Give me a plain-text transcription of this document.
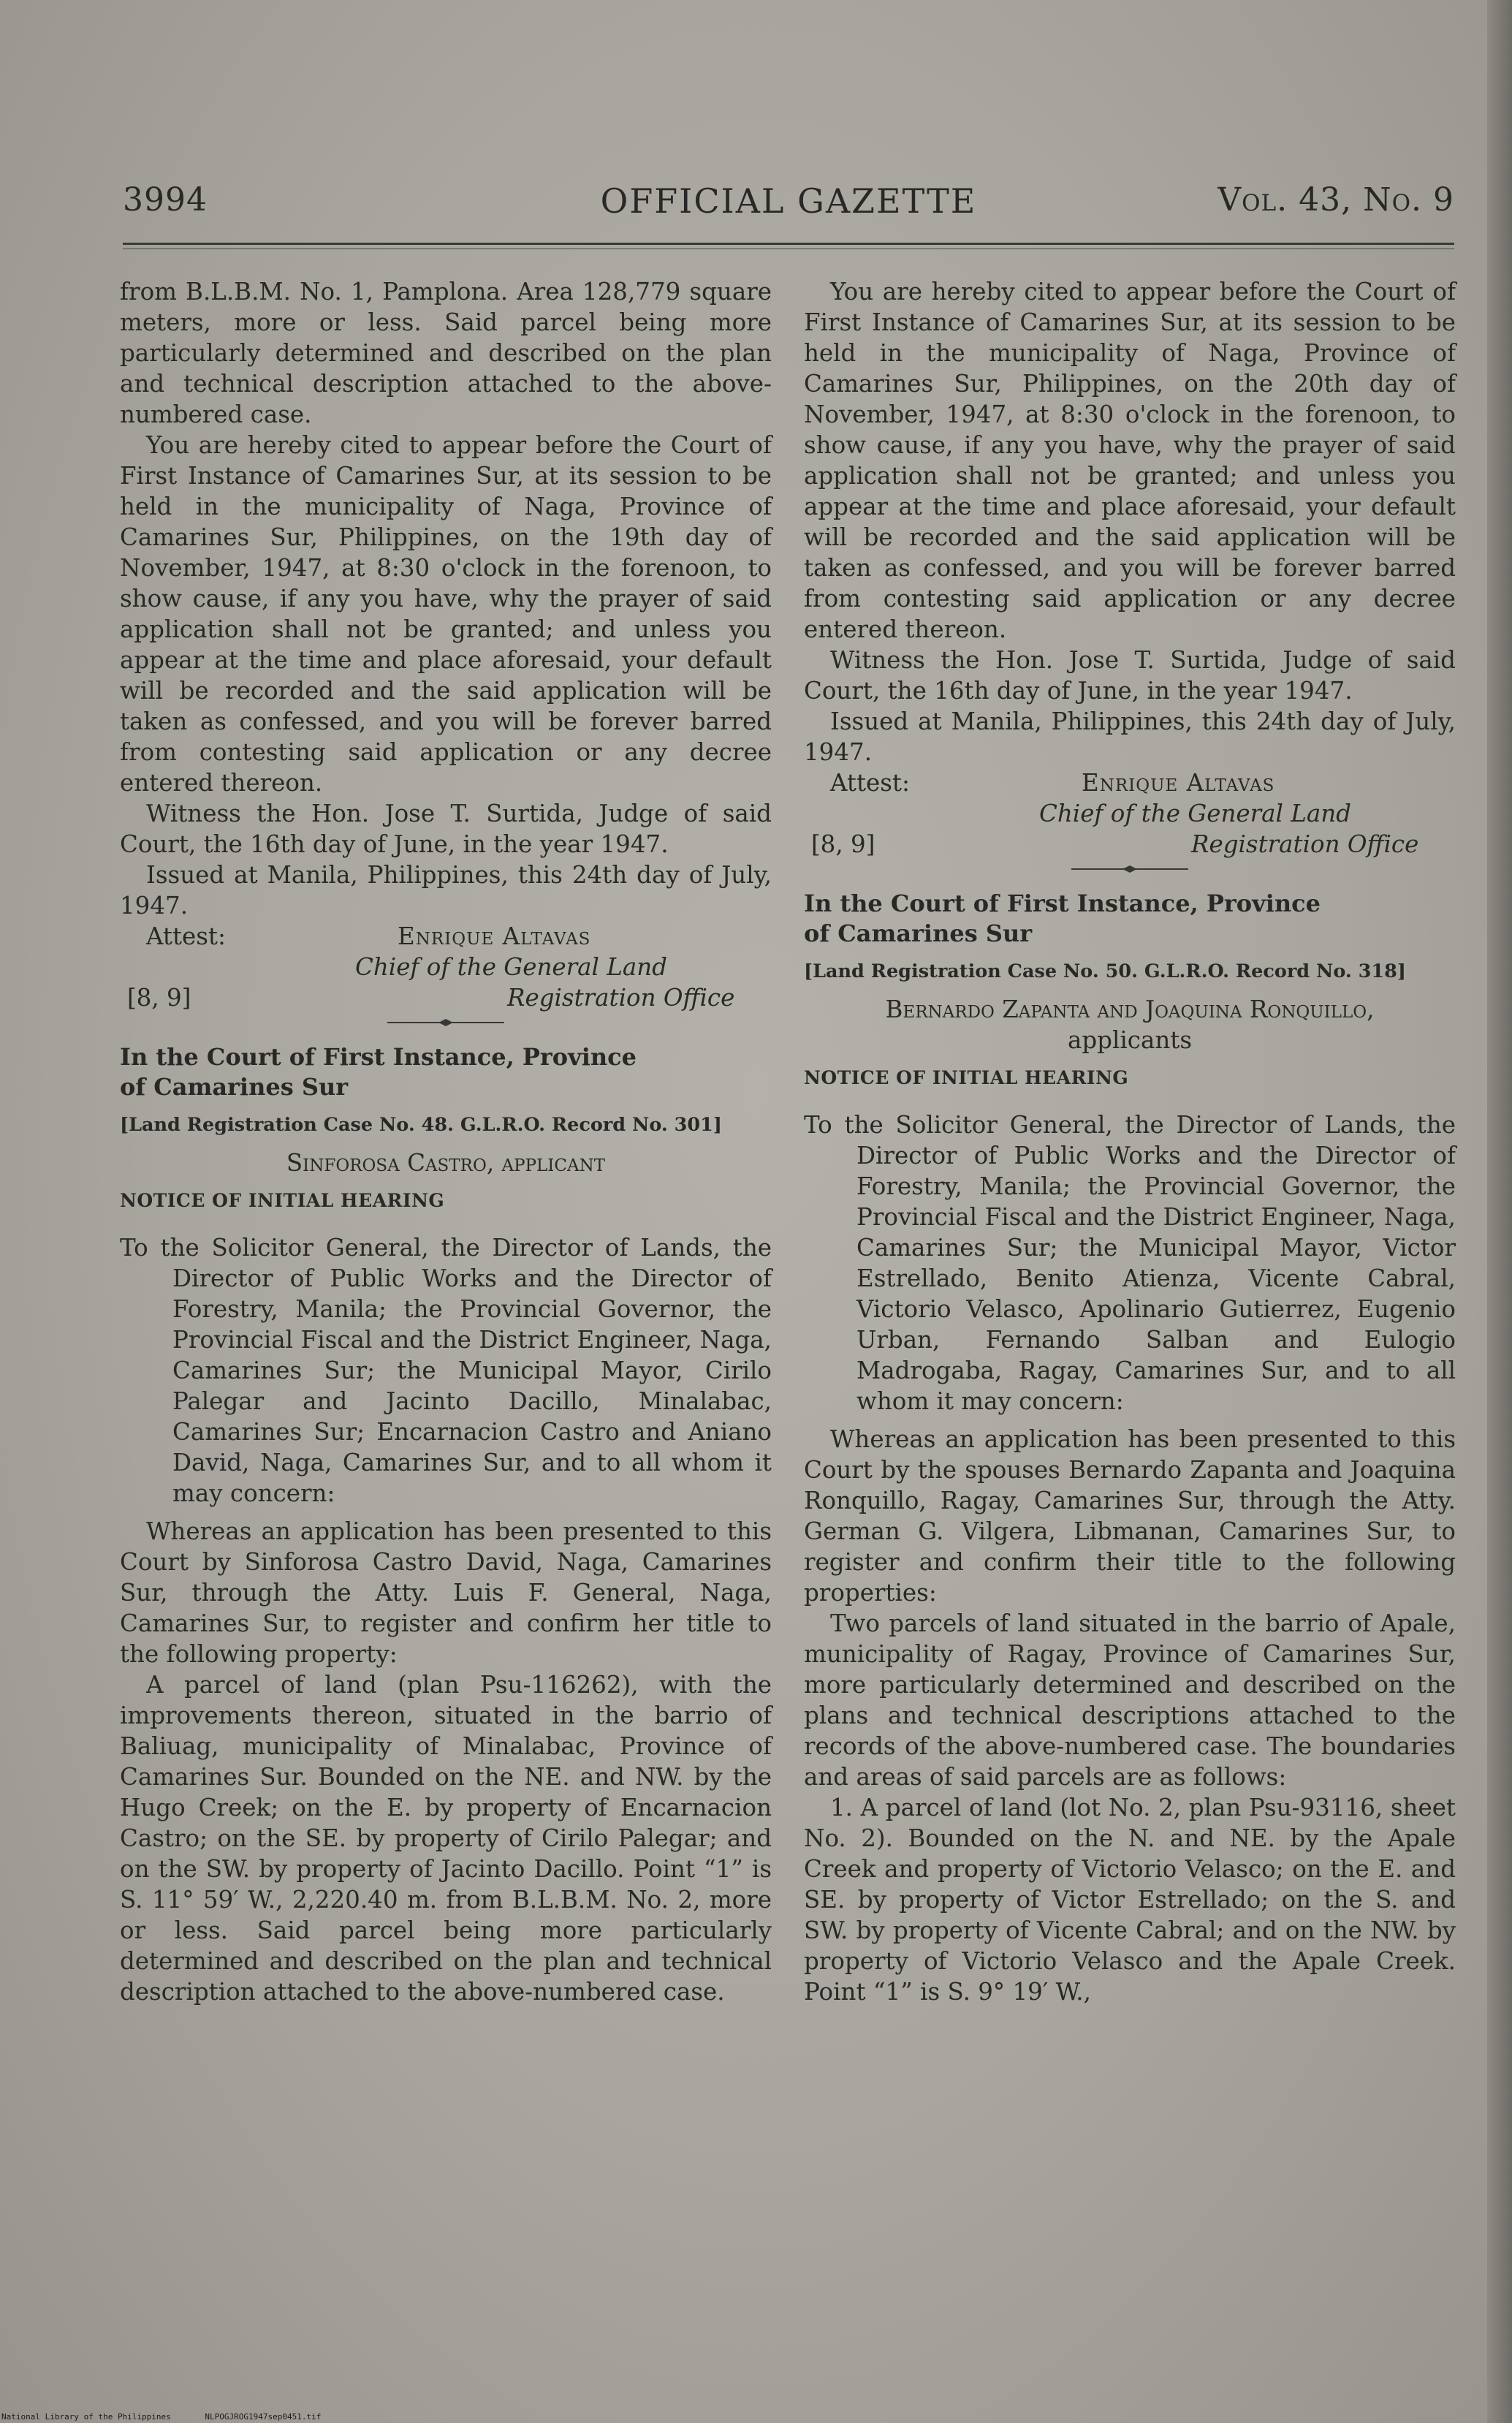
3994	OFFICIAL GAZETTE	Vol. 43, No. 9

from B.L.B.M. No. 1, Pamplona. Area 128,779 square meters, more or less. Said parcel being more particularly determined and described on the plan and technical description attached to the above-numbered case.

You are hereby cited to appear before the Court of First Instance of Camarines Sur, at its session to be held in the municipality of Naga, Province of Camarines Sur, Philippines, on the 19th day of November, 1947, at 8:30 o'clock in the forenoon, to show cause, if any you have, why the prayer of said application shall not be granted; and unless you appear at the time and place aforesaid, your default will be recorded and the said application will be taken as confessed, and you will be forever barred from contesting said application or any decree entered thereon.

Witness the Hon. Jose T. Surtida, Judge of said Court, the 16th day of June, in the year 1947.

Issued at Manila, Philippines, this 24th day of July, 1947.

Attest:	Enrique Altavas
Chief of the General Land
[8, 9]	Registration Office

In the Court of First Instance, Province

of Camarines Sur

[Land Registration Case No. 48. G.L.R.O. Record No. 301]

Sinforosa Castro, applicant

NOTICE OF INITIAL HEARING

To the Solicitor General, the Director of Lands, the Director of Public Works and the Director of Forestry, Manila; the Provincial Governor, the Provincial Fiscal and the District Engineer, Naga, Camarines Sur; the Municipal Mayor, Cirilo Palegar and Jacinto Dacillo, Minalabac, Camarines Sur; Encarnacion Castro and Aniano David, Naga, Camarines Sur, and to all whom it may concern:

Whereas an application has been presented to this Court by Sinforosa Castro David, Naga, Camarines Sur, through the Atty. Luis F. General, Naga, Camarines Sur, to register and confirm her title to the following property:

A parcel of land (plan Psu-116262), with the improvements thereon, situated in the barrio of Baliuag, municipality of Minalabac, Province of Camarines Sur. Bounded on the NE. and NW. by the Hugo Creek; on the E. by property of Encarnacion Castro; on the SE. by property of Cirilo Palegar; and on the SW. by property of Jacinto Dacillo. Point “1” is S. 11° 59′ W., 2,220.40 m. from B.L.B.M. No. 2, more or less. Said parcel being more particularly determined and described on the plan and technical description attached to the above-numbered case.

You are hereby cited to appear before the Court of First Instance of Camarines Sur, at its session to be held in the municipality of Naga, Province of Camarines Sur, Philippines, on the 20th day of November, 1947, at 8:30 o'clock in the forenoon, to show cause, if any you have, why the prayer of said application shall not be granted; and unless you appear at the time and place aforesaid, your default will be recorded and the said application will be taken as confessed, and you will be forever barred from contesting said application or any decree entered thereon.

Witness the Hon. Jose T. Surtida, Judge of said Court, the 16th day of June, in the year 1947.

Issued at Manila, Philippines, this 24th day of July, 1947.

Attest:	Enrique Altavas
Chief of the General Land
[8, 9]	Registration Office

In the Court of First Instance, Province

of Camarines Sur

[Land Registration Case No. 50. G.L.R.O. Record No. 318]

Bernardo Zapanta and Joaquina Ronquillo,

applicants

NOTICE OF INITIAL HEARING

To the Solicitor General, the Director of Lands, the Director of Public Works and the Director of Forestry, Manila; the Provincial Governor, the Provincial Fiscal and the District Engineer, Naga, Camarines Sur; the Municipal Mayor, Victor Estrellado, Benito Atienza, Vicente Cabral, Victorio Velasco, Apolinario Gutierrez, Eugenio Urban, Fernando Salban and Eulogio Madrogaba, Ragay, Camarines Sur, and to all whom it may concern:

Whereas an application has been presented to this Court by the spouses Bernardo Zapanta and Joaquina Ronquillo, Ragay, Camarines Sur, through the Atty. German G. Vilgera, Libmanan, Camarines Sur, to register and confirm their title to the following properties:

Two parcels of land situated in the barrio of Apale, municipality of Ragay, Province of Camarines Sur, more particularly determined and described on the plans and technical descriptions attached to the records of the above-numbered case. The boundaries and areas of said parcels are as follows:

1. A parcel of land (lot No. 2, plan Psu-93116, sheet No. 2). Bounded on the N. and NE. by the Apale Creek and property of Victorio Velasco; on the E. and SE. by property of Victor Estrellado; on the S. and SW. by property of Vicente Cabral; and on the NW. by property of Victorio Velasco and the Apale Creek. Point “1” is S. 9° 19′ W.,

National Library of the Philippines	NLPOGJROG1947sep0451.tif
